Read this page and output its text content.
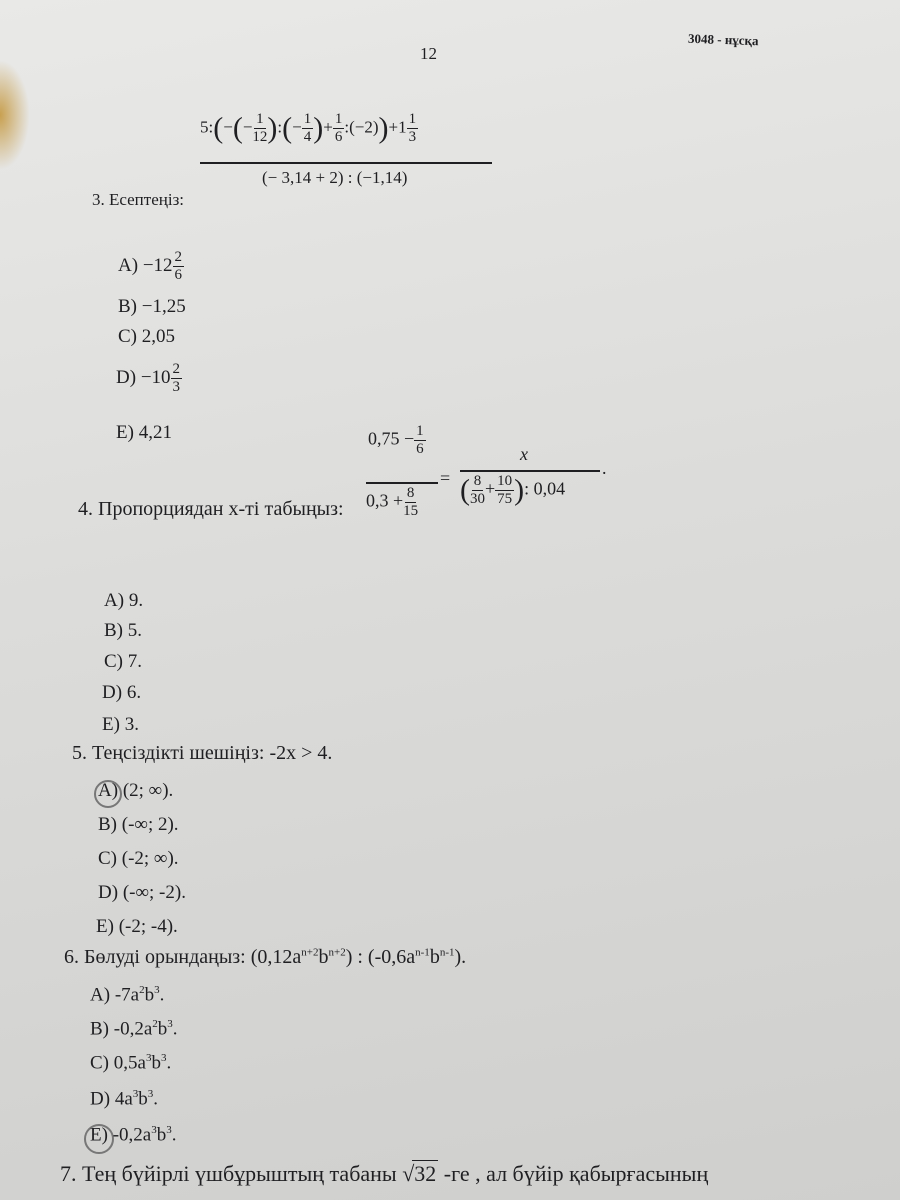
12
3048 - нұсқа
3. Есептеңіз:
5:(−(− $\frac{1}{12}$ ):(− $\frac{1}{4}$ )+ $\frac{1}{6}$ :(−2))+1 $\frac{1}{3}$
(− 3,14 + 2) : (−1,14)
$A) -12 \frac{2}{6}$
B) −1,25
C) 2,05
$D) -10 \frac{2}{3}$
E) 4,21
4. Пропорциядан x-ті табыңыз:
$0,75 - \frac{1}{6}$
$0,3 + \frac{8}{15}$
=
x
( $\frac{8}{30} + \frac{10}{75}$ ): 0,04
.
A) 9.
B) 5.
C) 7.
D) 6.
E) 3.
5. Теңсіздікті шешіңіз: -2x > 4.
A) (2; ∞).
B) (-∞; 2).
C) (-2; ∞).
D) (-∞; -2).
E) (-2; -4).
6. Бөлуді орындаңыз: $(0,12a^{n+2}b^{n+2})$ : $(-0,6a^{n-1}b^{n-1})$.
A) $-7a^2b^3$.
B) $-0,2a^2b^3$.
C) $0,5a^3b^3$.
D) $4a^3b^3$.
E) $-0,2a^3b^3$.
7. Тең бүйірлі үшбұрыштың табаны √32 -ге , ал бүйір қабырғасының
